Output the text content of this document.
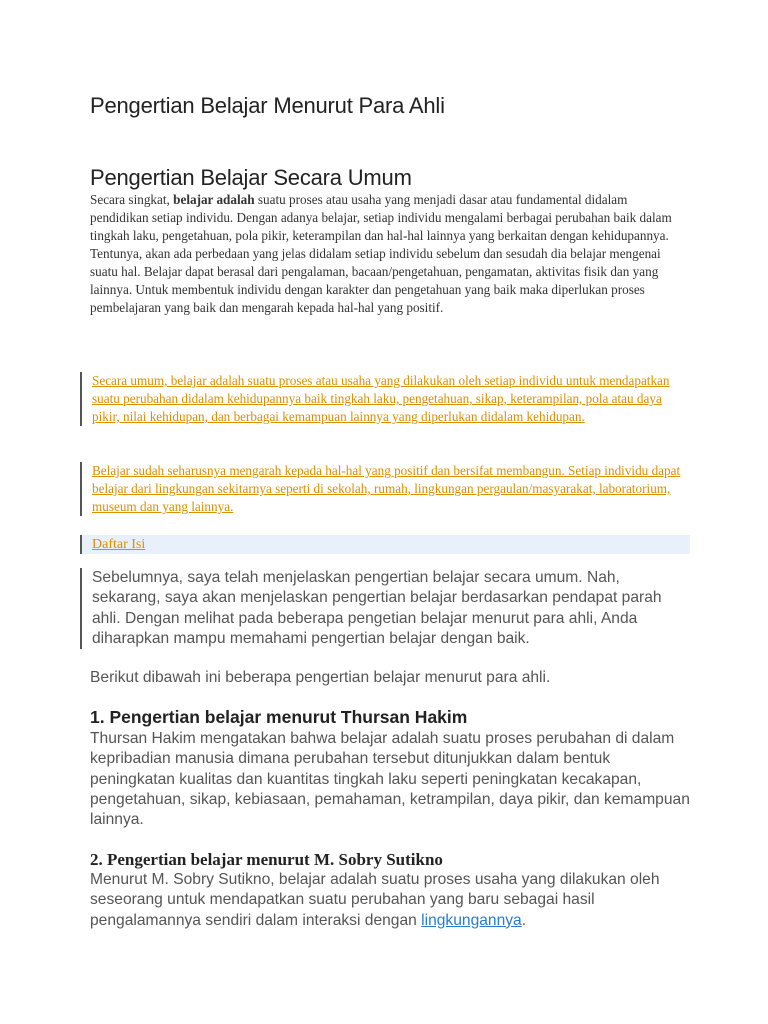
Pengertian Belajar Menurut Para Ahli
Pengertian Belajar Secara Umum

Secara singkat, belajar adalah suatu proses atau usaha yang menjadi dasar atau fundamental didalam pendidikan setiap individu. Dengan adanya belajar, setiap individu mengalami berbagai perubahan baik dalam tingkah laku, pengetahuan, pola pikir, keterampilan dan hal-hal lainnya yang berkaitan dengan kehidupannya.

Tentunya, akan ada perbedaan yang jelas didalam setiap individu sebelum dan sesudah dia belajar mengenai suatu hal. Belajar dapat berasal dari pengalaman, bacaan/pengetahuan, pengamatan, aktivitas fisik dan yang lainnya. Untuk membentuk individu dengan karakter dan pengetahuan yang baik maka diperlukan proses pembelajaran yang baik dan mengarah kepada hal-hal yang positif.

Secara umum, belajar adalah suatu proses atau usaha yang dilakukan oleh setiap individu untuk mendapatkan suatu perubahan didalam kehidupannya baik tingkah laku, pengetahuan, sikap, keterampilan, pola atau daya pikir, nilai kehidupan, dan berbagai kemampuan lainnya yang diperlukan didalam kehidupan.
Belajar sudah seharusnya mengarah kepada hal-hal yang positif dan bersifat membangun. Setiap individu dapat belajar dari lingkungan sekitarnya seperti di sekolah, rumah, lingkungan pergaulan/masyarakat, laboratorium, museum dan yang lainnya.
Daftar Isi
Sebelumnya, saya telah menjelaskan pengertian belajar secara umum. Nah, sekarang, saya akan menjelaskan pengertian belajar berdasarkan pendapat parah ahli. Dengan melihat pada beberapa pengetian belajar menurut para ahli, Anda diharapkan mampu memahami pengertian belajar dengan baik.
Berikut dibawah ini beberapa pengertian belajar menurut para ahli.
1. Pengertian belajar menurut Thursan Hakim
Thursan Hakim mengatakan bahwa belajar adalah suatu proses perubahan di dalam kepribadian manusia dimana perubahan tersebut ditunjukkan dalam bentuk peningkatan kualitas dan kuantitas tingkah laku seperti peningkatan kecakapan, pengetahuan, sikap, kebiasaan, pemahaman, ketrampilan, daya pikir, dan kemampuan lainnya.
2. Pengertian belajar menurut M. Sobry Sutikno
Menurut M. Sobry Sutikno, belajar adalah suatu proses usaha yang dilakukan oleh seseorang untuk mendapatkan suatu perubahan yang baru sebagai hasil pengalamannya sendiri dalam interaksi dengan lingkungannya.
